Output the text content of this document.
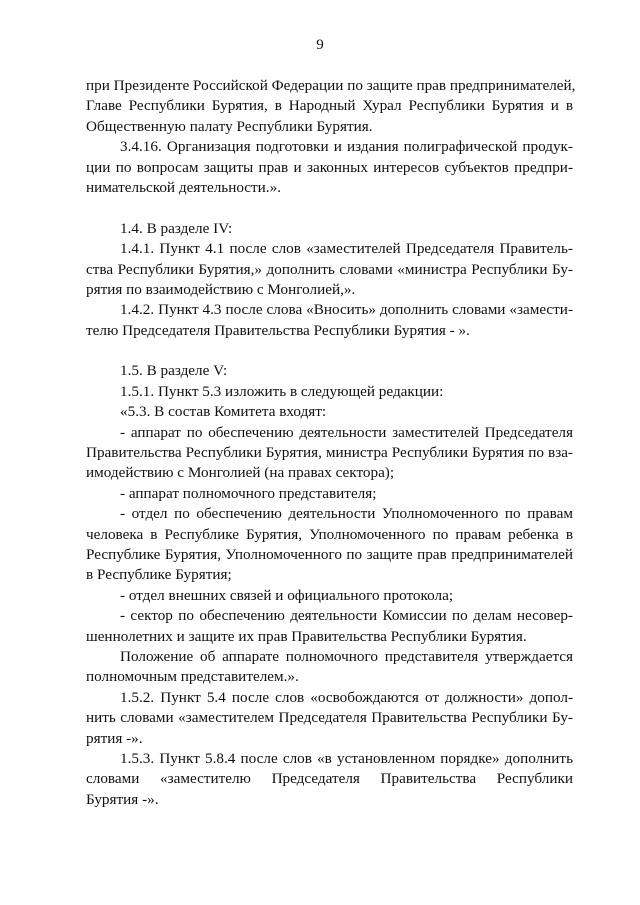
9
при Президенте Российской Федерации по защите прав предпринимателей,
Главе Республики Бурятия, в Народный Хурал Республики Бурятия и в
Общественную палату Республики Бурятия.
3.4.16. Организация подготовки и издания полиграфической продук-
ции по вопросам защиты прав и законных интересов субъектов предпри-
нимательской деятельности.».
1.4. В разделе IV:
1.4.1. Пункт 4.1 после слов «заместителей Председателя Правитель-
ства Республики Бурятия,» дополнить словами «министра Республики Бу-
рятия по взаимодействию с Монголией,».
1.4.2. Пункт 4.3 после слова «Вносить» дополнить словами «замести-
телю Председателя Правительства Республики Бурятия - ».
1.5. В разделе V:
1.5.1. Пункт 5.3 изложить в следующей редакции:
«5.3. В состав Комитета входят:
- аппарат по обеспечению деятельности заместителей Председателя
Правительства Республики Бурятия, министра Республики Бурятия по вза-
имодействию с Монголией (на правах сектора);
- аппарат полномочного представителя;
- отдел по обеспечению деятельности Уполномоченного по правам
человека в Республике Бурятия, Уполномоченного по правам ребенка в
Республике Бурятия, Уполномоченного по защите прав предпринимателей
в Республике Бурятия;
- отдел внешних связей и официального протокола;
- сектор по обеспечению деятельности Комиссии по делам несовер-
шеннолетних и защите их прав Правительства Республики Бурятия.
Положение об аппарате полномочного представителя утверждается
полномочным представителем.».
1.5.2. Пункт 5.4 после слов «освобождаются от должности» допол-
нить словами «заместителем Председателя Правительства Республики Бу-
рятия -».
1.5.3. Пункт 5.8.4 после слов «в установленном порядке» дополнить
словами «заместителю Председателя Правительства Республики
Бурятия -».
